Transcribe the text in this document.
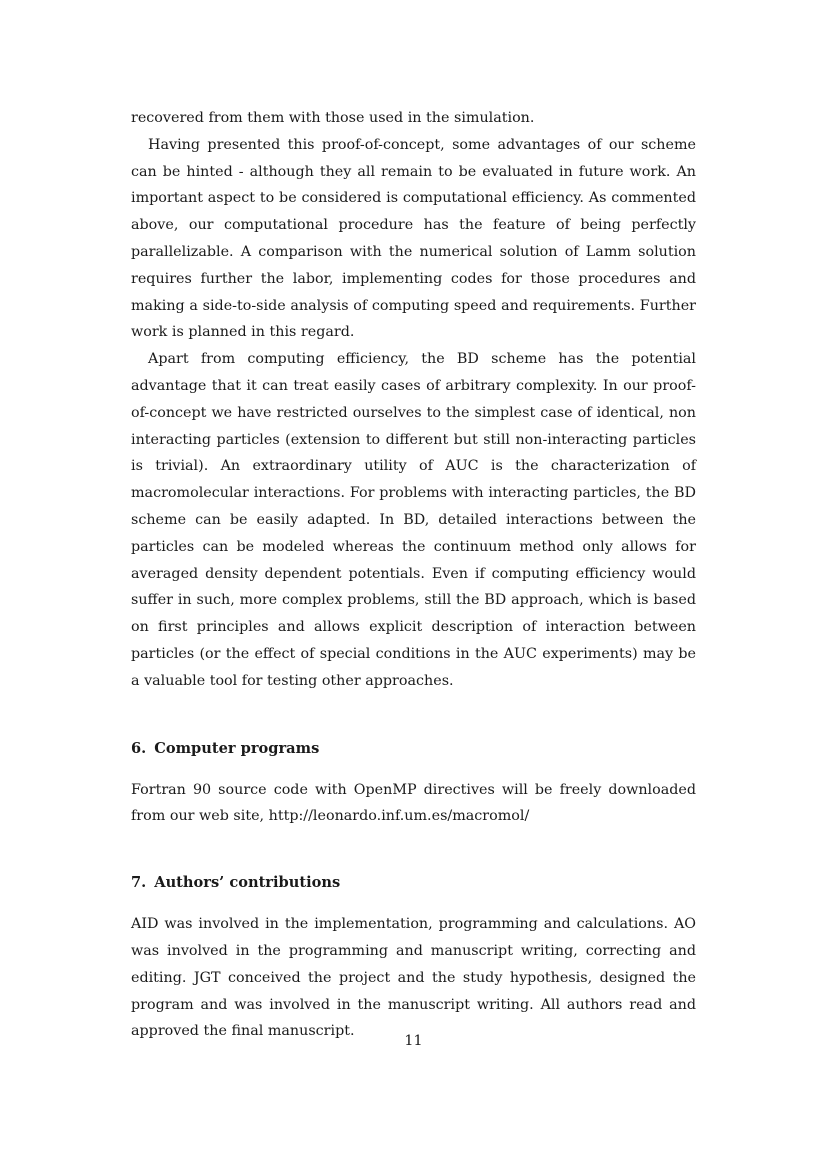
recovered from them with those used in the simulation.

Having presented this proof-of-concept, some advantages of our scheme can be hinted - although they all remain to be evaluated in future work. An important aspect to be considered is computational efficiency. As commented above, our computational procedure has the feature of being perfectly parallelizable. A comparison with the numerical solution of Lamm solution requires further the labor, implementing codes for those procedures and making a side-to-side analysis of computing speed and requirements. Further work is planned in this regard.

Apart from computing efficiency, the BD scheme has the potential advantage that it can treat easily cases of arbitrary complexity. In our proof-of-concept we have restricted ourselves to the simplest case of identical, non interacting particles (extension to different but still non-interacting particles is trivial). An extraordinary utility of AUC is the characterization of macromolecular interactions. For problems with interacting particles, the BD scheme can be easily adapted. In BD, detailed interactions between the particles can be modeled whereas the continuum method only allows for averaged density dependent potentials. Even if computing efficiency would suffer in such, more complex problems, still the BD approach, which is based on first principles and allows explicit description of interaction between particles (or the effect of special conditions in the AUC experiments) may be a valuable tool for testing other approaches.

6. Computer programs

Fortran 90 source code with OpenMP directives will be freely downloaded from our web site, http://leonardo.inf.um.es/macromol/

7. Authors’ contributions

AID was involved in the implementation, programming and calculations. AO was involved in the programming and manuscript writing, correcting and editing. JGT conceived the project and the study hypothesis, designed the program and was involved in the manuscript writing. All authors read and approved the final manuscript.

11
